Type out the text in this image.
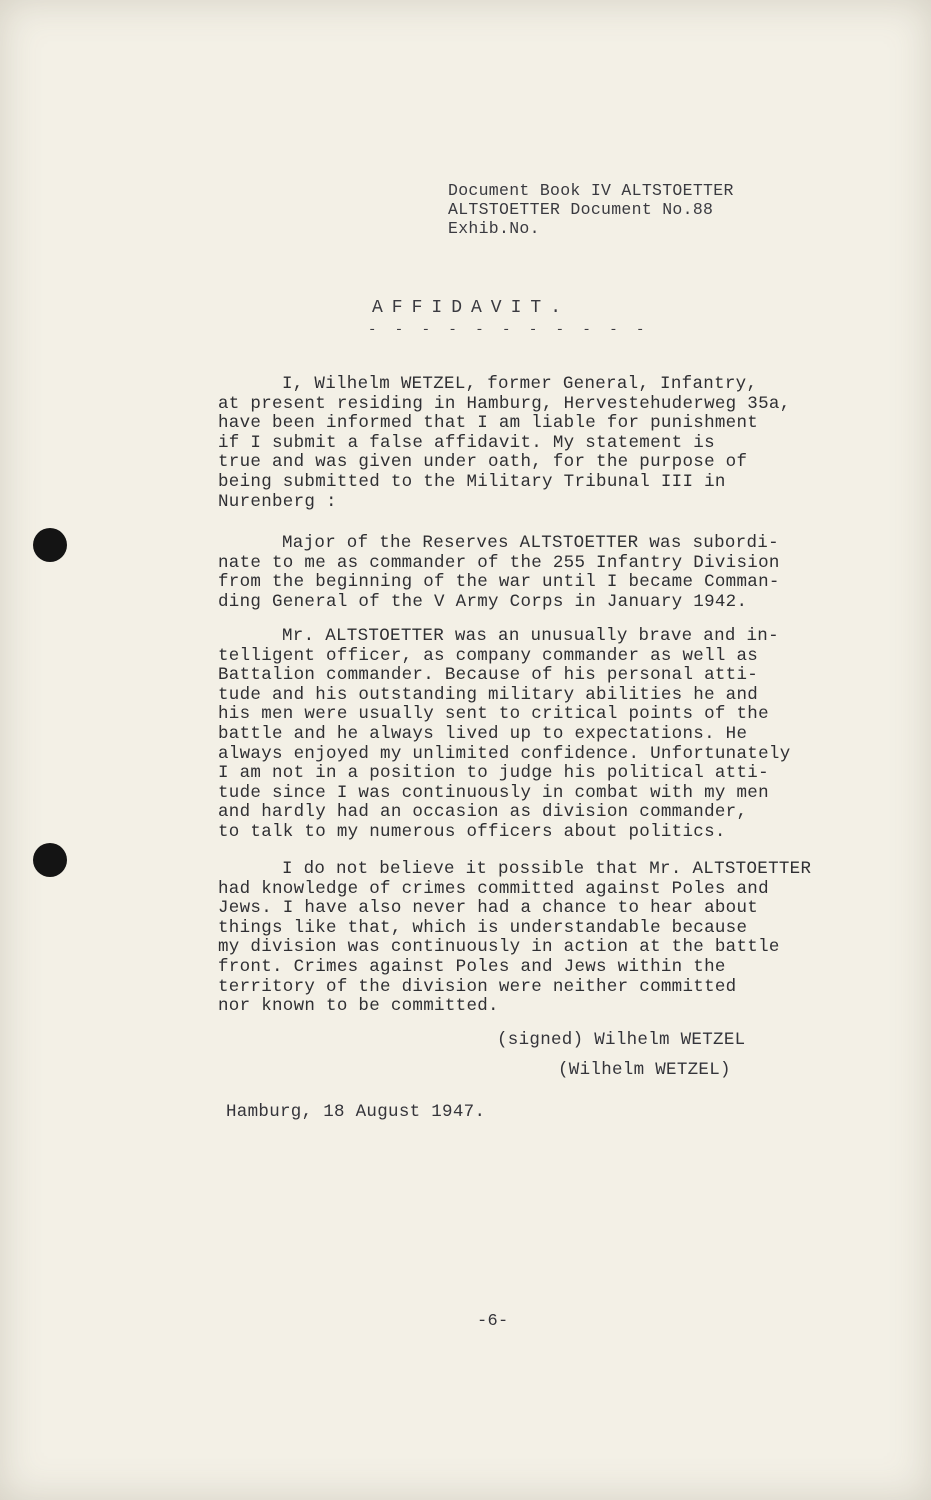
Document Book IV ALTSTOETTER
ALTSTOETTER Document No.88
Exhib.No.
AFFIDAVIT.
- - - - - - - - - - -
I, Wilhelm WETZEL, former General, Infantry,
at present residing in Hamburg, Hervestehuderweg 35a,
have been informed that I am liable for punishment
if I submit a false affidavit. My statement is
true and was given under oath, for the purpose of
being submitted to the Military Tribunal III in
Nurenberg :
Major of the Reserves ALTSTOETTER was subordi-
nate to me as commander of the 255 Infantry Division
from the beginning of the war until I became Comman-
ding General of the V Army Corps in January 1942.
Mr. ALTSTOETTER was an unusually brave and in-
telligent officer, as company commander as well as
Battalion commander. Because of his personal atti-
tude and his outstanding military abilities he and
his men were usually sent to critical points of the
battle and he always lived up to expectations. He
always enjoyed my unlimited confidence. Unfortunately
I am not in a position to judge his political atti-
tude since I was continuously in combat with my men
and hardly had an occasion as division commander,
to talk to my numerous officers about politics.
I do not believe it possible that Mr. ALTSTOETTER
had knowledge of crimes committed against Poles and
Jews. I have also never had a chance to hear about
things like that, which is understandable because
my division was continuously in action at the battle
front. Crimes against Poles and Jews within the
territory of the division were neither committed
nor known to be committed.
(signed) Wilhelm WETZEL
(Wilhelm WETZEL)
Hamburg, 18 August 1947.
-6-
